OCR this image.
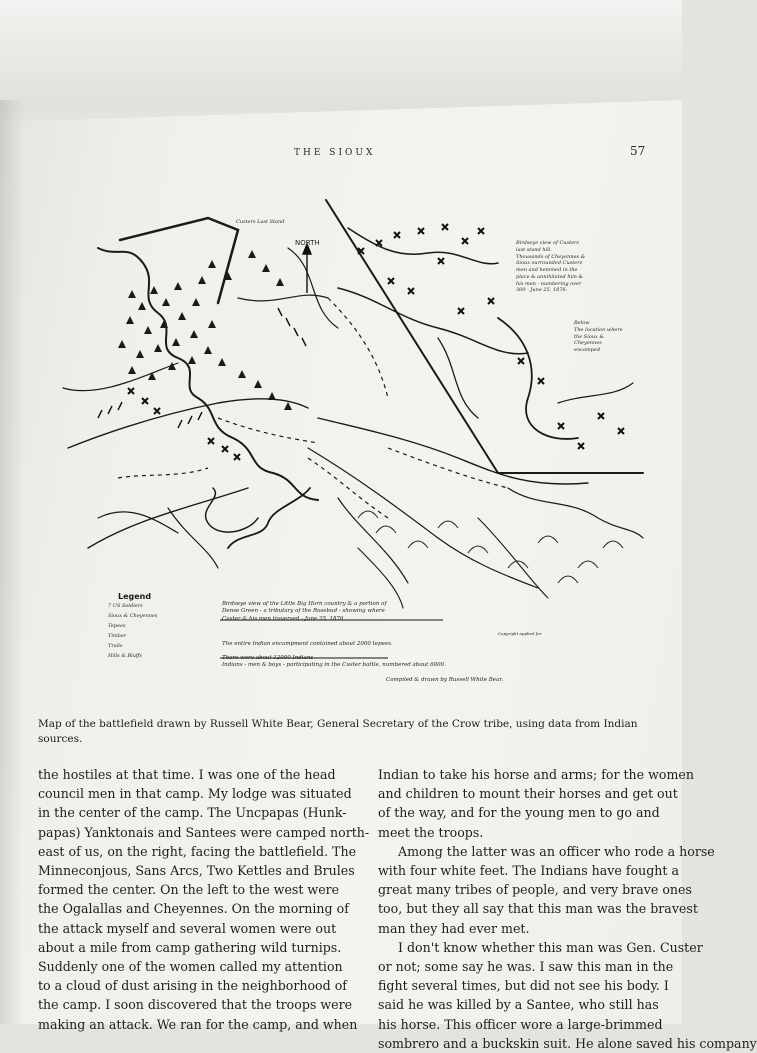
THE SIOUX	57
NORTH
Custers Last Stand
Birdseye view of Custers
last stand hill.
Thousands of Cheyennes &
Sioux surrounded Custers
men and hemmed in the
place & annihilated him &
his men - numbering over
300 - June 25, 1876.
Below
The location where
the Sioux &
Cheyennes
encamped
Legend
7 US Soldiers
Sioux & Cheyennes
Tepees
Timber
Trails
Hills & Bluffs
Birdseye view of the Little Big Horn country & a portion of
Dense Green - a tributary of the Rosebud - showing where
Custer & his men traversed - June 25, 1876.
The entire Indian encampment contained about 2000 tepees.
There were about 12000 Indians
Indians - men & boys - participating in the Custer battle, numbered about 6000.
Copyright applied for
Compiled & drawn by Russell White Bear.
Map of the battlefield drawn by Russell White Bear, General Secretary of the Crow tribe, using data from Indian sources.
the hostiles at that time. I was one of the head
council men in that camp. My lodge was situated
in the center of the camp. The Uncpapas (Hunk-
papas) Yanktonais and Santees were camped north-
east of us, on the right, facing the battlefield. The
Minneconjous, Sans Arcs, Two Kettles and Brules
formed the center. On the left to the west were
the Ogalallas and Cheyennes. On the morning of
the attack myself and several women were out
about a mile from camp gathering wild turnips.
Suddenly one of the women called my attention
to a cloud of dust arising in the neighborhood of
the camp. I soon discovered that the troops were
making an attack. We ran for the camp, and when
Indian to take his horse and arms; for the women
and children to mount their horses and get out
of the way, and for the young men to go and
meet the troops.
Among the latter was an officer who rode a horse
with four white feet. The Indians have fought a
great many tribes of people, and very brave ones
too, but they all say that this man was the bravest
man they had ever met.
I don't know whether this man was Gen. Custer
or not; some say he was. I saw this man in the
fight several times, but did not see his body. I
said he was killed by a Santee, who still has
his horse. This officer wore a large-brimmed
sombrero and a buckskin suit. He alone saved his company
